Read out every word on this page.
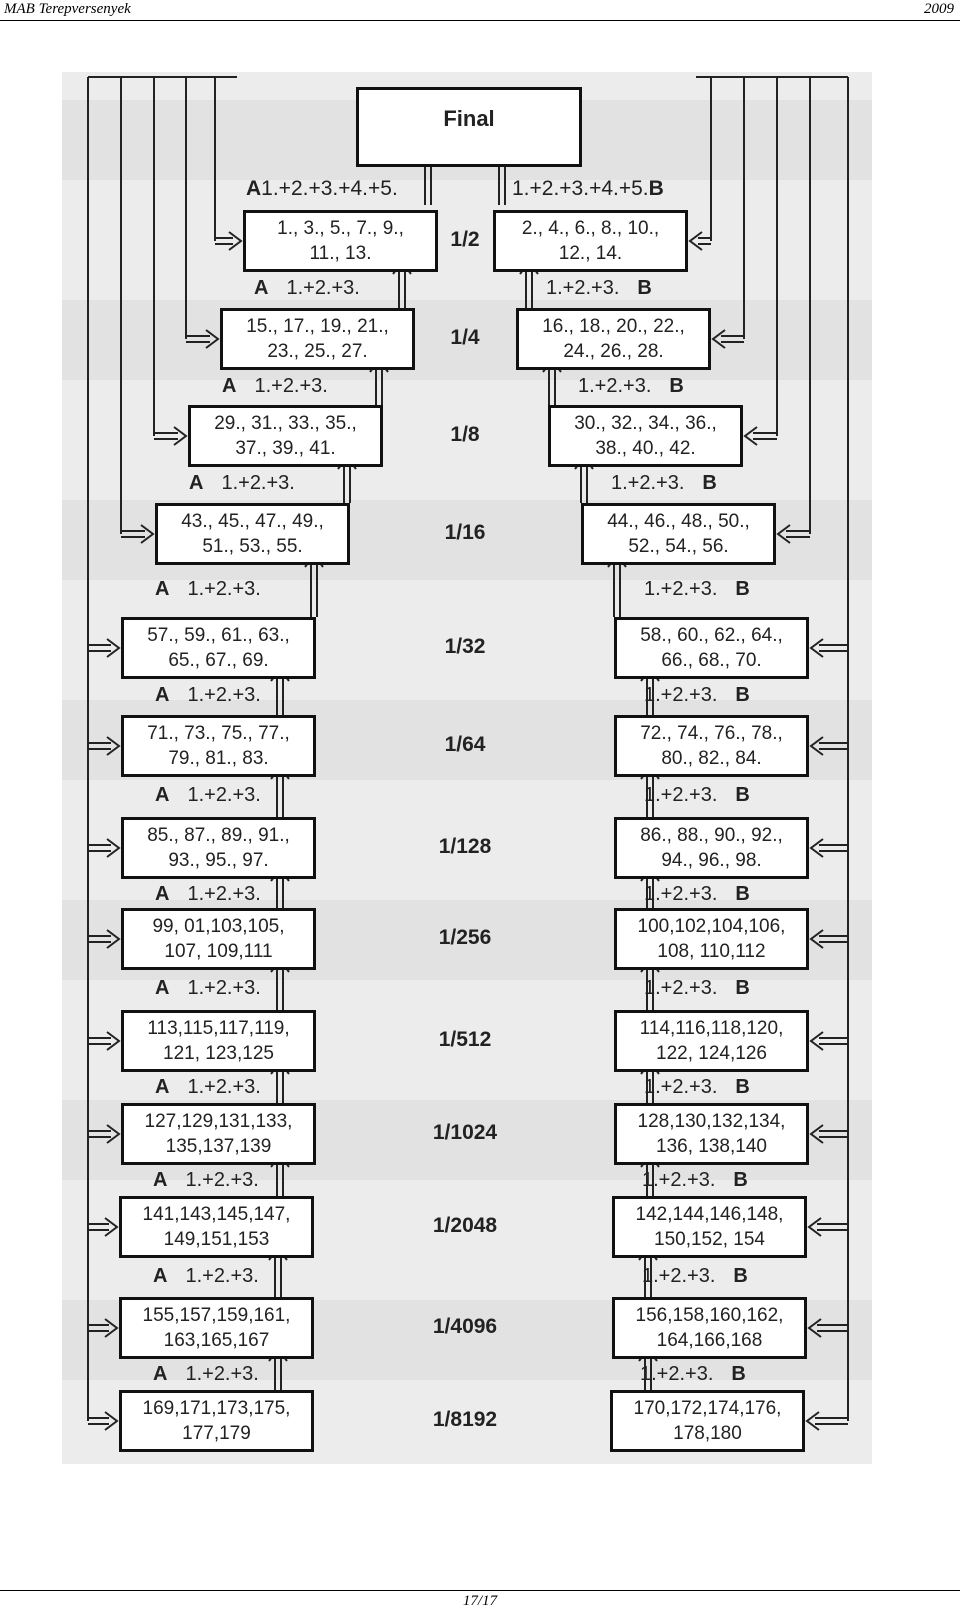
MAB Terepversenyek	2009
Final
A1.+2.+3.+4.+5.	1.+2.+3.+4.+5.B
1., 3., 5., 7., 9.,
11., 13.
2., 4., 6., 8., 10.,
12., 14.
1/2
A 1.+2.+3.	1.+2.+3. B
15., 17., 19., 21.,
23., 25., 27.
16., 18., 20., 22.,
24., 26., 28.
1/4
A 1.+2.+3.	1.+2.+3. B
29., 31., 33., 35.,
37., 39., 41.
30., 32., 34., 36.,
38., 40., 42.
1/8
A 1.+2.+3.	1.+2.+3. B
43., 45., 47., 49.,
51., 53., 55.
44., 46., 48., 50.,
52., 54., 56.
1/16
A 1.+2.+3.	1.+2.+3. B
57., 59., 61., 63.,
65., 67., 69.
58., 60., 62., 64.,
66., 68., 70.
1/32
A 1.+2.+3.	1.+2.+3. B
71., 73., 75., 77.,
79., 81., 83.
72., 74., 76., 78.,
80., 82., 84.
1/64
A 1.+2.+3.	1.+2.+3. B
85., 87., 89., 91.,
93., 95., 97.
86., 88., 90., 92.,
94., 96., 98.
1/128
A 1.+2.+3.	1.+2.+3. B
99, 01,103,105,
107, 109,111
100,102,104,106,
108, 110,112
1/256
A 1.+2.+3.	1.+2.+3. B
113,115,117,119,
121, 123,125
114,116,118,120,
122, 124,126
1/512
A 1.+2.+3.	1.+2.+3. B
127,129,131,133,
135,137,139
128,130,132,134,
136, 138,140
1/1024
A 1.+2.+3.	1.+2.+3. B
141,143,145,147,
149,151,153
142,144,146,148,
150,152, 154
1/2048
A 1.+2.+3.	1.+2.+3. B
155,157,159,161,
163,165,167
156,158,160,162,
164,166,168
1/4096
A 1.+2.+3.	1.+2.+3. B
169,171,173,175,
177,179
170,172,174,176,
178,180
1/8192
17/17
